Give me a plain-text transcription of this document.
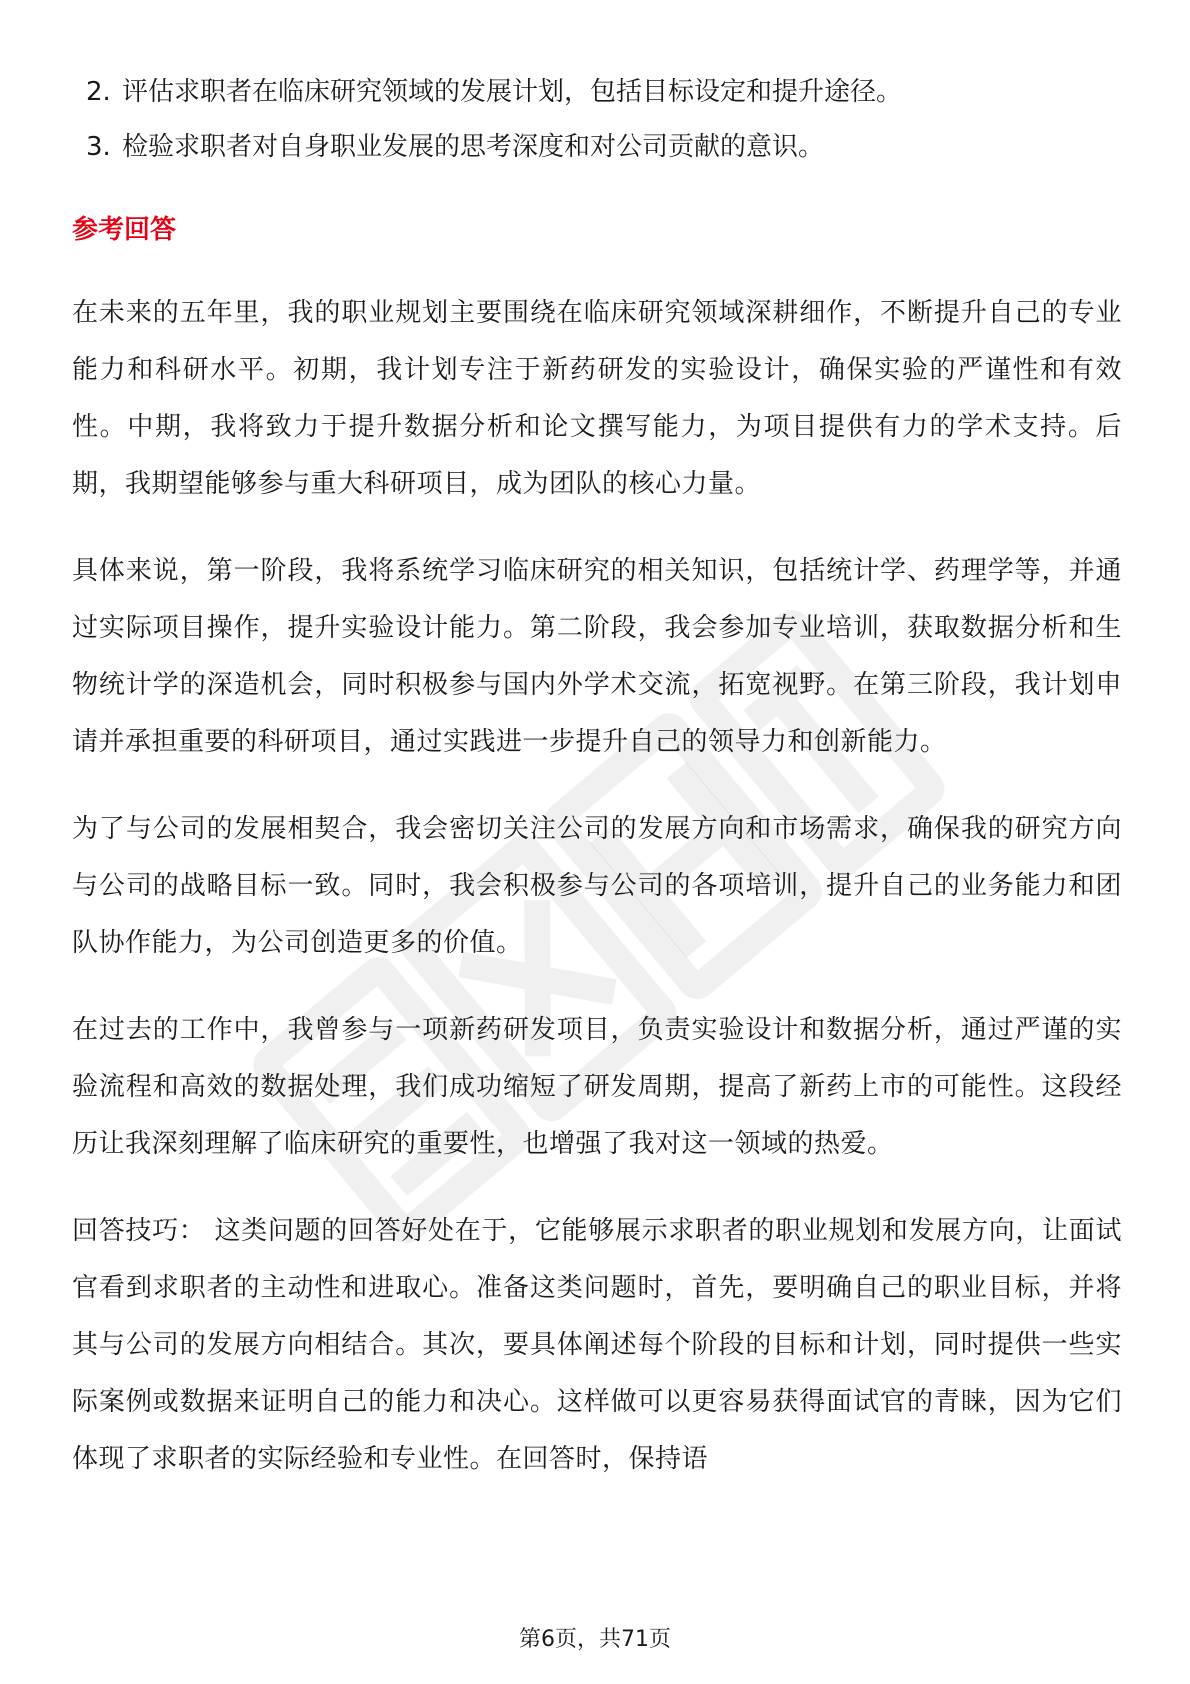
2. 评估求职者在临床研究领域的发展计划，包括目标设定和提升途径。
3. 检验求职者对自身职业发展的思考深度和对公司贡献的意识。
参考回答

在未来的五年里，我的职业规划主要围绕在临床研究领域深耕细作，不断提升自己的专业能力和科研水平。初期，我计划专注于新药研发的实验设计，确保实验的严谨性和有效性。中期，我将致力于提升数据分析和论文撰写能力，为项目提供有力的学术支持。后期，我期望能够参与重大科研项目，成为团队的核心力量。

具体来说，第一阶段，我将系统学习临床研究的相关知识，包括统计学、药理学等，并通过实际项目操作，提升实验设计能力。第二阶段，我会参加专业培训，获取数据分析和生物统计学的深造机会，同时积极参与国内外学术交流，拓宽视野。在第三阶段，我计划申请并承担重要的科研项目，通过实践进一步提升自己的领导力和创新能力。

为了与公司的发展相契合，我会密切关注公司的发展方向和市场需求，确保我的研究方向与公司的战略目标一致。同时，我会积极参与公司的各项培训，提升自己的业务能力和团队协作能力，为公司创造更多的价值。

在过去的工作中，我曾参与一项新药研发项目，负责实验设计和数据分析，通过严谨的实验流程和高效的数据处理，我们成功缩短了研发周期，提高了新药上市的可能性。这段经历让我深刻理解了临床研究的重要性，也增强了我对这一领域的热爱。

回答技巧： 这类问题的回答好处在于，它能够展示求职者的职业规划和发展方向，让面试官看到求职者的主动性和进取心。准备这类问题时，首先，要明确自己的职业目标，并将其与公司的发展方向相结合。其次，要具体阐述每个阶段的目标和计划，同时提供一些实际案例或数据来证明自己的能力和决心。这样做可以更容易获得面试官的青睐，因为它们体现了求职者的实际经验和专业性。在回答时，保持语

第6页，共71页
